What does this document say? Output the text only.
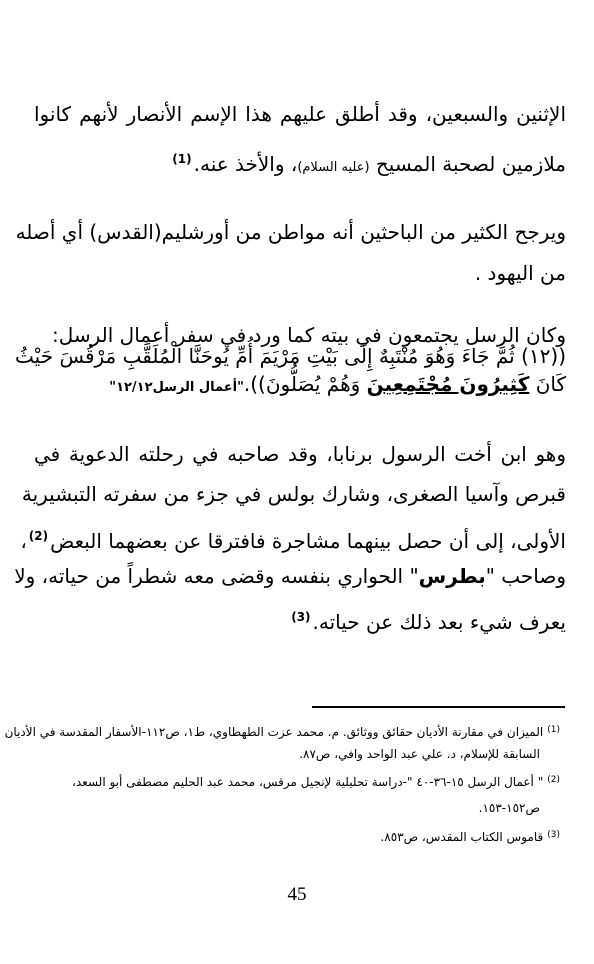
الإثنين والسبعين، وقد أطلق عليهم هذا الإسم الأنصار لأنهم كانوا
ملازمين لصحبة المسيح (عليه السلام)، والأخذ عنه.$^{(1)}$
ويرجح الكثير من الباحثين أنه مواطن من أورشليم(القدس) أي أصله
من اليهود .
وكان الرسل يجتمعون في بيته كما ورد في سفر أعمال الرسل:
((١٢) ثُمَّ جَاءَ وَهُوَ مُنْتَبِهٌ إِلَى بَيْتِ مَرْيَمَ أُمِّ يُوحَنَّا الْمُلَقَّبِ مَرْقُسَ حَيْثُ
كَانَ كَثِيرُونَ مُجْتَمِعِينَ وَهُمْ يُصَلُّونَ))."أعمال الرسل١٢/١٢"
وهو ابن أخت الرسول برنابا، وقد صاحبه في رحلته الدعوية في
قبرص وآسيا الصغرى، وشارك بولس في جزء من سفرته التبشيرية
الأولى، إلى أن حصل بينهما مشاجرة فافترقا عن بعضهما البعض$^{(2)}$،
وصاحب "بطرس" الحواري بنفسه وقضى معه شطراً من حياته، ولا
يعرف شيء بعد ذلك عن حياته.$^{(3)}$
$^{(1)}$الميزان في مقارنة الأديان حقائق ووثائق. م. محمد عزت الطهطاوي، ط١، ص١١٢-الأسفار المقدسة في الأديان
السابقة للإسلام، د. علي عبد الواحد وافي، ص٨٧.
$^{(2)}$" أعمال الرسل ١٥-٣٦-٤٠ "-دراسة تحليلية لإنجيل مرقس، محمد عبد الحليم مصطفى أبو السعد،
ص١٥٢-١٥٣.
$^{(3)}$قاموس الكتاب المقدس، ص٨٥٣.
45
